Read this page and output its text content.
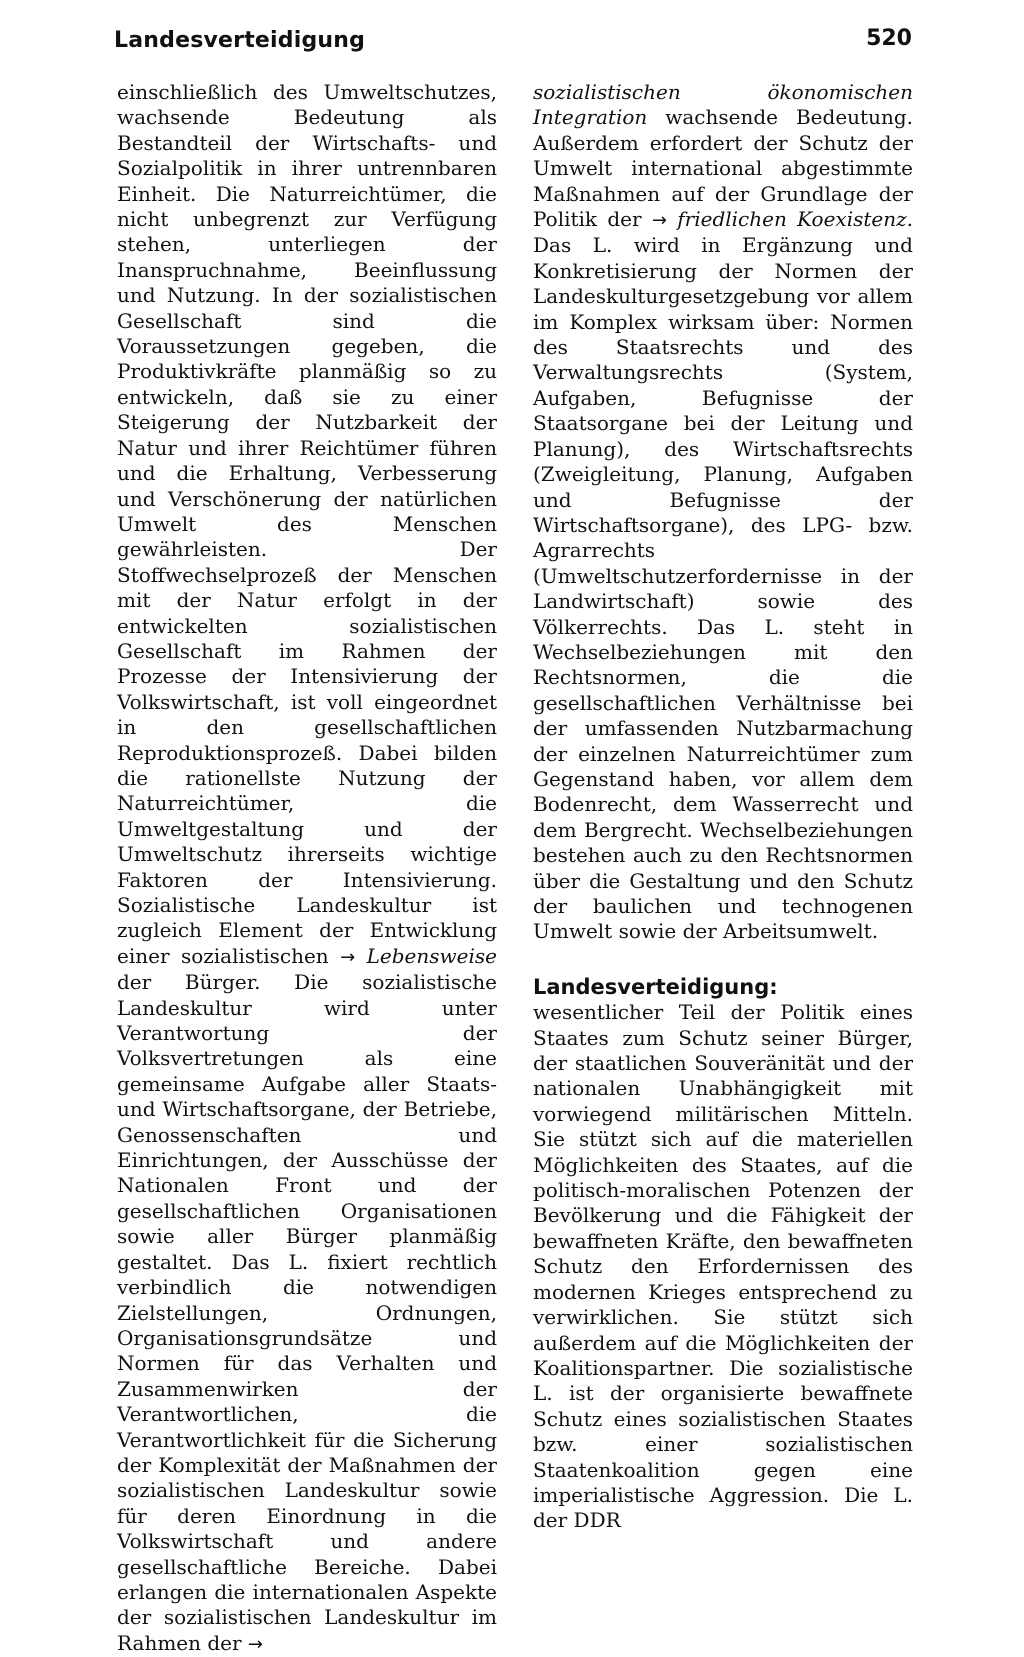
Landesverteidigung	520

einschließlich des Umweltschutzes, wachsende Bedeutung als Bestandteil der Wirtschafts- und Sozialpolitik in ihrer untrennbaren Einheit. Die Naturreichtümer, die nicht unbegrenzt zur Verfügung stehen, unterliegen der Inanspruchnahme, Beeinflussung und Nutzung. In der sozialistischen Gesellschaft sind die Voraussetzungen gegeben, die Produktivkräfte planmäßig so zu entwickeln, daß sie zu einer Steigerung der Nutzbarkeit der Natur und ihrer Reichtümer führen und die Erhaltung, Verbesserung und Verschönerung der natürlichen Umwelt des Menschen gewährleisten. Der Stoffwechselprozeß der Menschen mit der Natur erfolgt in der entwickelten sozialistischen Gesellschaft im Rahmen der Prozesse der Intensivierung der Volkswirtschaft, ist voll eingeordnet in den gesellschaftlichen Reproduktionsprozeß. Dabei bilden die rationellste Nutzung der Naturreichtümer, die Umweltgestaltung und der Umweltschutz ihrerseits wichtige Faktoren der Intensivierung. Sozialistische Landeskultur ist zugleich Element der Entwicklung einer sozialistischen → Lebensweise der Bürger. Die sozialistische Landeskultur wird unter Verantwortung der Volksvertretungen als eine gemeinsame Aufgabe aller Staats- und Wirtschaftsorgane, der Betriebe, Genossenschaften und Einrichtungen, der Ausschüsse der Nationalen Front und der gesellschaftlichen Organisationen sowie aller Bürger planmäßig gestaltet. Das L. fixiert rechtlich verbindlich die notwendigen Zielstellungen, Ordnungen, Organisationsgrundsätze und Normen für das Verhalten und Zusammenwirken der Verantwortlichen, die Verantwortlichkeit für die Sicherung der Komplexität der Maßnahmen der sozialistischen Landeskultur sowie für deren Einordnung in die Volkswirtschaft und andere gesellschaftliche Bereiche. Dabei erlangen die internationalen Aspekte der sozialistischen Landeskultur im Rahmen der →

sozialistischen ökonomischen Integration wachsende Bedeutung. Außerdem erfordert der Schutz der Umwelt international abgestimmte Maßnahmen auf der Grundlage der Politik der → friedlichen Koexistenz. Das L. wird in Ergänzung und Konkretisierung der Normen der Landeskulturgesetzgebung vor allem im Komplex wirksam über: Normen des Staatsrechts und des Verwaltungsrechts (System, Aufgaben, Befugnisse der Staatsorgane bei der Leitung und Planung), des Wirtschaftsrechts (Zweigleitung, Planung, Aufgaben und Befugnisse der Wirtschaftsorgane), des LPG- bzw. Agrarrechts (Umweltschutzerfordernisse in der Landwirtschaft) sowie des Völkerrechts. Das L. steht in Wechselbeziehungen mit den Rechtsnormen, die die gesellschaftlichen Verhältnisse bei der umfassenden Nutzbarmachung der einzelnen Naturreichtümer zum Gegenstand haben, vor allem dem Bodenrecht, dem Wasserrecht und dem Bergrecht. Wechselbeziehungen bestehen auch zu den Rechtsnormen über die Gestaltung und den Schutz der baulichen und technogenen Umwelt sowie der Arbeitsumwelt.

Landesverteidigung: wesentlicher Teil der Politik eines Staates zum Schutz seiner Bürger, der staatlichen Souveränität und der nationalen Unabhängigkeit mit vorwiegend militärischen Mitteln. Sie stützt sich auf die materiellen Möglichkeiten des Staates, auf die politisch-moralischen Potenzen der Bevölkerung und die Fähigkeit der bewaffneten Kräfte, den bewaffneten Schutz den Erfordernissen des modernen Krieges entsprechend zu verwirklichen. Sie stützt sich außerdem auf die Möglichkeiten der Koalitionspartner. Die sozialistische L. ist der organisierte bewaffnete Schutz eines sozialistischen Staates bzw. einer sozialistischen Staatenkoalition gegen eine imperialistische Aggression. Die L. der DDR
